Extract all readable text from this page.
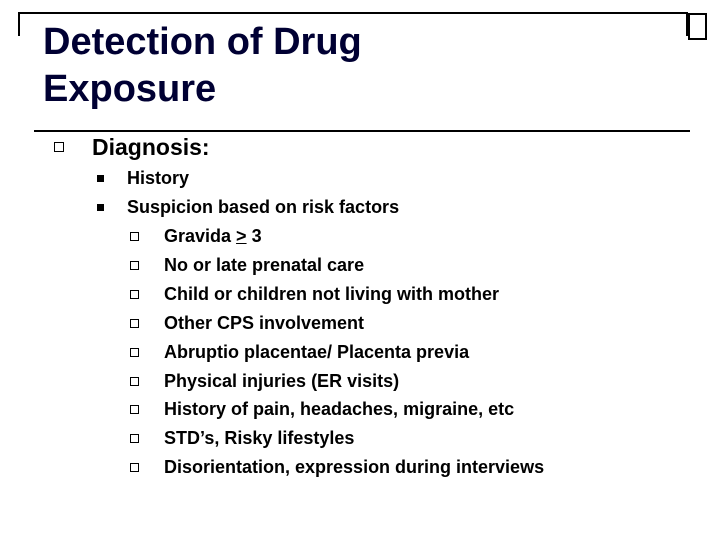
Detection of Drug
Exposure
Diagnosis:
History
Suspicion based on risk factors
Gravida > 3
No or late prenatal care
Child or children not living with mother
Other CPS involvement
Abruptio placentae/ Placenta previa
Physical injuries (ER visits)
History of pain, headaches, migraine, etc
STD’s, Risky lifestyles
Disorientation, expression during interviews
